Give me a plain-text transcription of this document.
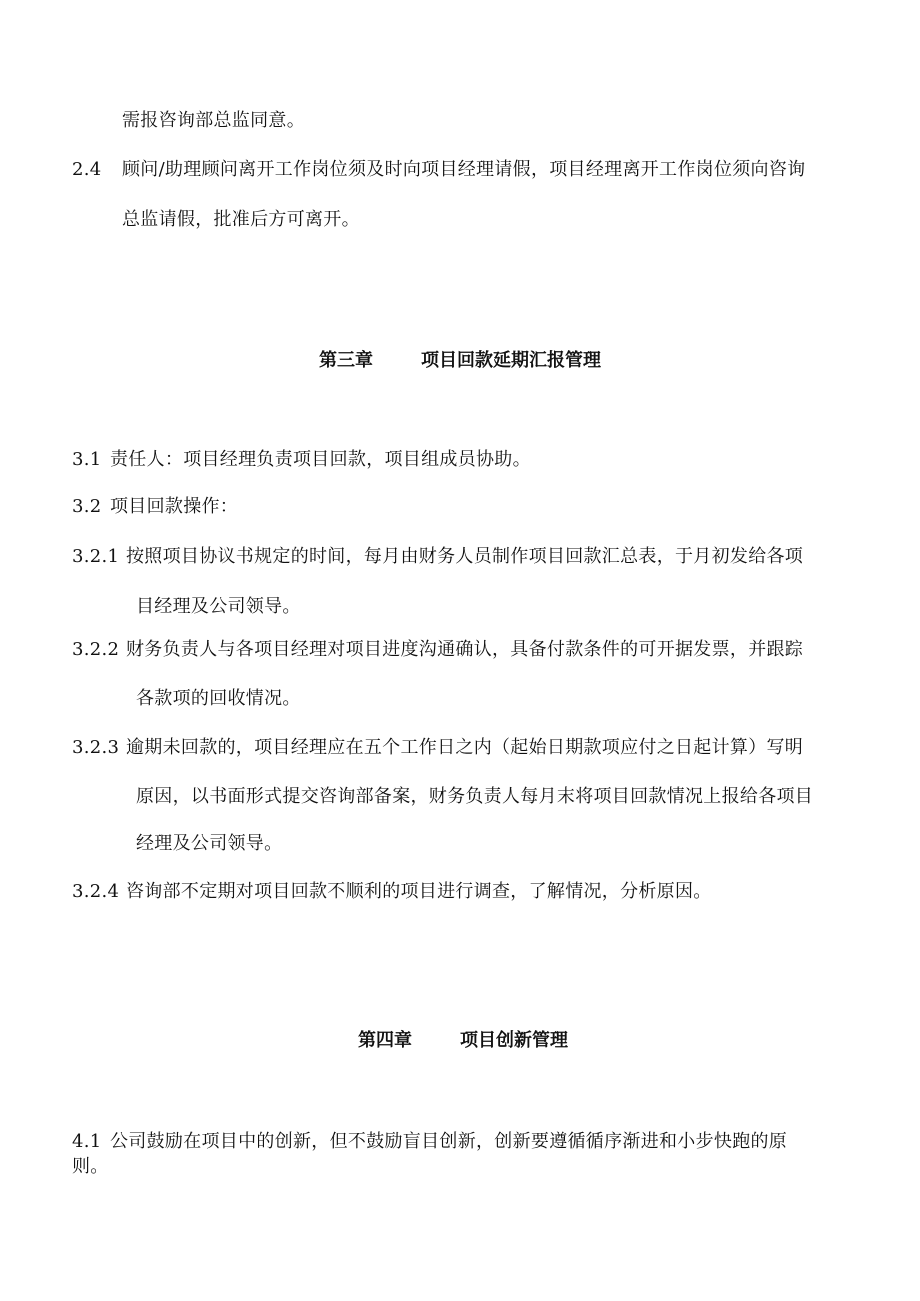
需报咨询部总监同意。
2.4 顾问/助理顾问离开工作岗位须及时向项目经理请假，项目经理离开工作岗位须向咨询
总监请假，批准后方可离开。
第三章	项目回款延期汇报管理
3.1 责任人：项目经理负责项目回款，项目组成员协助。
3.2 项目回款操作：
3.2.1 按照项目协议书规定的时间，每月由财务人员制作项目回款汇总表，于月初发给各项
目经理及公司领导。
3.2.2 财务负责人与各项目经理对项目进度沟通确认，具备付款条件的可开据发票，并跟踪
各款项的回收情况。
3.2.3 逾期未回款的，项目经理应在五个工作日之内（起始日期款项应付之日起计算）写明
原因，以书面形式提交咨询部备案，财务负责人每月末将项目回款情况上报给各项目
经理及公司领导。
3.2.4 咨询部不定期对项目回款不顺利的项目进行调查，了解情况，分析原因。
第四章	项目创新管理
4.1 公司鼓励在项目中的创新，但不鼓励盲目创新，创新要遵循循序渐进和小步快跑的原
则。
